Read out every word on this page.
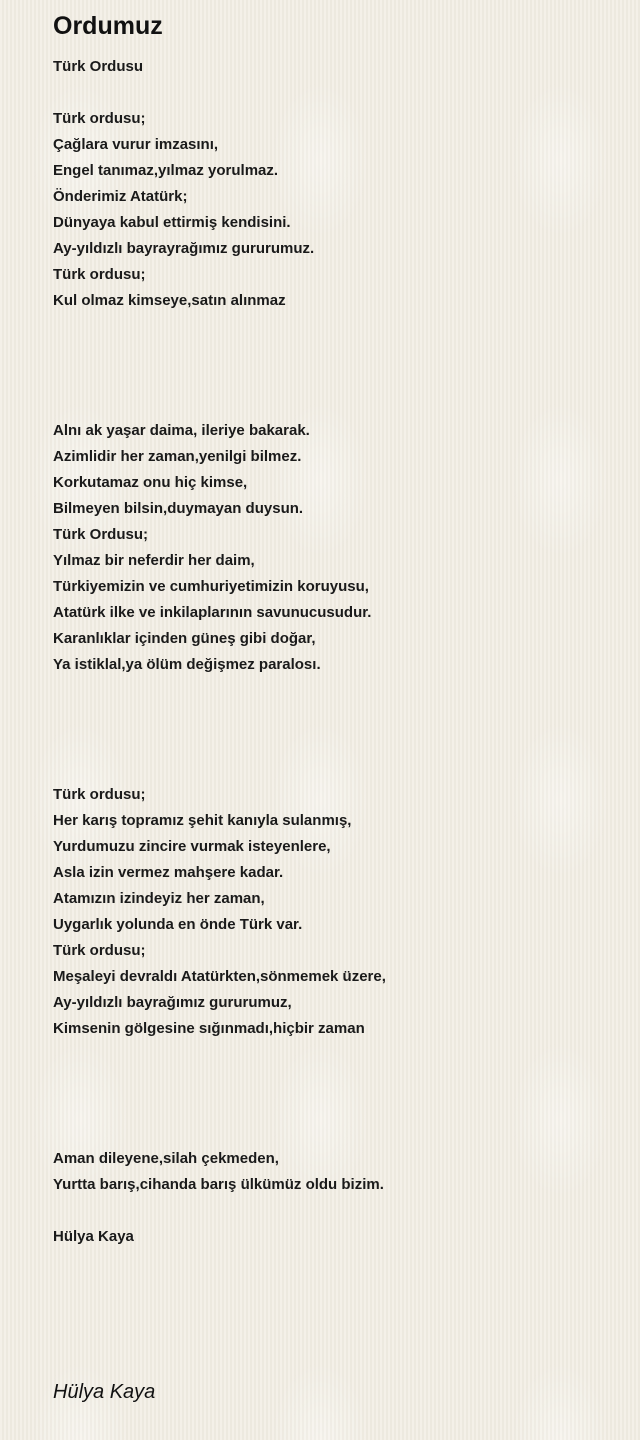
Ordumuz
Türk Ordusu
Türk ordusu;
Çağlara vurur imzasını,
Engel tanımaz,yılmaz yorulmaz.
Önderimiz Atatürk;
Dünyaya kabul ettirmiş kendisini.
Ay-yıldızlı bayrayrağımız gururumuz.
Türk ordusu;
Kul olmaz kimseye,satın alınmaz
Alnı ak yaşar daima, ileriye bakarak.
Azimlidir her zaman,yenilgi bilmez.
Korkutamaz onu hiç kimse,
Bilmeyen bilsin,duymayan duysun.
Türk Ordusu;
Yılmaz bir neferdir her daim,
Türkiyemizin ve cumhuriyetimizin koruyusu,
Atatürk ilke ve inkilaplarının savunucusudur.
Karanlıklar içinden güneş gibi doğar,
Ya istiklal,ya ölüm değişmez paralosı.
Türk ordusu;
Her karış topramız şehit kanıyla sulanmış,
Yurdumuzu zincire vurmak isteyenlere,
Asla izin vermez mahşere kadar.
Atamızın izindeyiz her zaman,
Uygarlık yolunda en önde Türk var.
Türk ordusu;
Meşaleyi devraldı Atatürkten,sönmemek üzere,
Ay-yıldızlı bayrağımız gururumuz,
Kimsenin gölgesine sığınmadı,hiçbir zaman
Aman dileyene,silah çekmeden,
Yurtta barış,cihanda barış ülkümüz oldu bizim.
Hülya Kaya
Hülya Kaya
